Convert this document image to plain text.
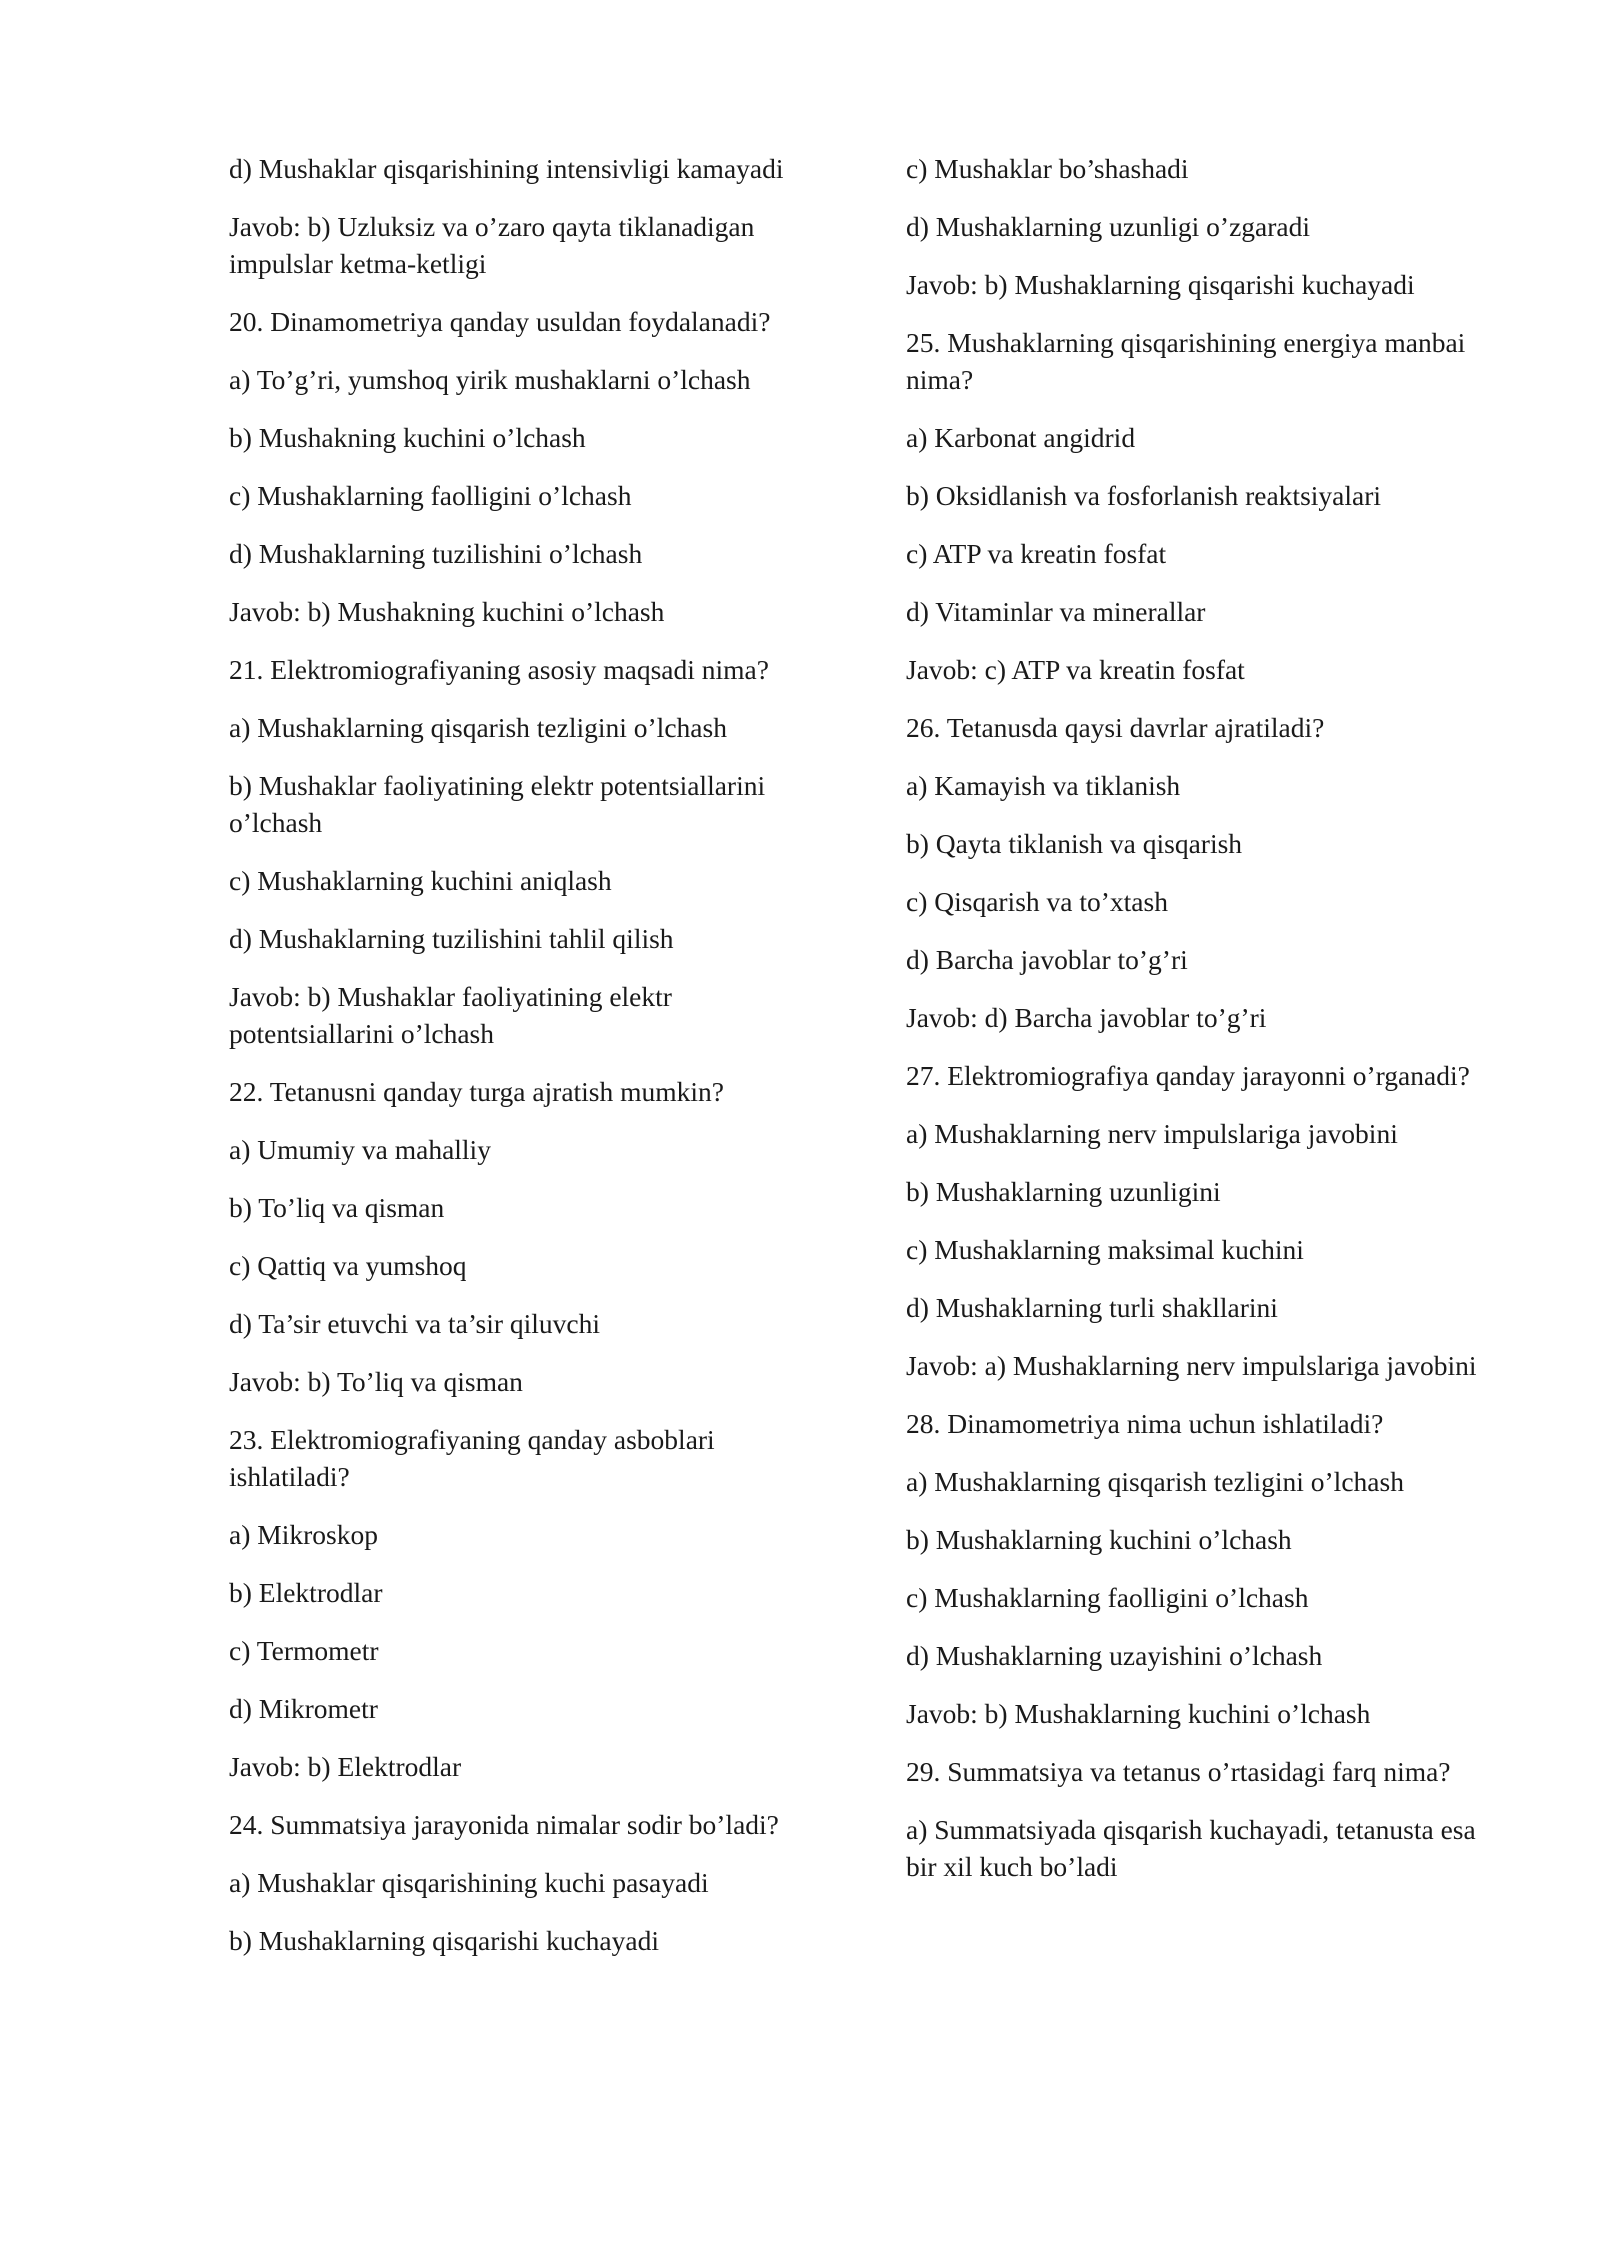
d) Mushaklar qisqarishining intensivligi kamayadi

Javob: b) Uzluksiz va o’zaro qayta tiklanadigan impulslar ketma-ketligi

20. Dinamometriya qanday usuldan foydalanadi?

a) To’g’ri, yumshoq yirik mushaklarni o’lchash

b) Mushakning kuchini o’lchash

c) Mushaklarning faolligini o’lchash

d) Mushaklarning tuzilishini o’lchash

Javob: b) Mushakning kuchini o’lchash

21. Elektromiografiyaning asosiy maqsadi nima?

a) Mushaklarning qisqarish tezligini o’lchash

b) Mushaklar faoliyatining elektr potentsiallarini o’lchash

c) Mushaklarning kuchini aniqlash

d) Mushaklarning tuzilishini tahlil qilish

Javob: b) Mushaklar faoliyatining elektr potentsiallarini o’lchash

22. Tetanusni qanday turga ajratish mumkin?

a) Umumiy va mahalliy

b) To’liq va qisman

c) Qattiq va yumshoq

d) Ta’sir etuvchi va ta’sir qiluvchi

Javob: b) To’liq va qisman

23. Elektromiografiyaning qanday asboblari ishlatiladi?

a) Mikroskop

b) Elektrodlar

c) Termometr

d) Mikrometr

Javob: b) Elektrodlar

24. Summatsiya jarayonida nimalar sodir bo’ladi?

a) Mushaklar qisqarishining kuchi pasayadi

b) Mushaklarning qisqarishi kuchayadi

c) Mushaklar bo’shashadi

d) Mushaklarning uzunligi o’zgaradi

Javob: b) Mushaklarning qisqarishi kuchayadi

25. Mushaklarning qisqarishining energiya manbai nima?

a) Karbonat angidrid

b) Oksidlanish va fosforlanish reaktsiyalari

c) ATP va kreatin fosfat

d) Vitaminlar va minerallar

Javob: c) ATP va kreatin fosfat

26. Tetanusda qaysi davrlar ajratiladi?

a) Kamayish va tiklanish

b) Qayta tiklanish va qisqarish

c) Qisqarish va to’xtash

d) Barcha javoblar to’g’ri

Javob: d) Barcha javoblar to’g’ri

27. Elektromiografiya qanday jarayonni o’rganadi?

a) Mushaklarning nerv impulslariga javobini

b) Mushaklarning uzunligini

c) Mushaklarning maksimal kuchini

d) Mushaklarning turli shakllarini

Javob: a) Mushaklarning nerv impulslariga javobini

28. Dinamometriya nima uchun ishlatiladi?

a) Mushaklarning qisqarish tezligini o’lchash

b) Mushaklarning kuchini o’lchash

c) Mushaklarning faolligini o’lchash

d) Mushaklarning uzayishini o’lchash

Javob: b) Mushaklarning kuchini o’lchash

29. Summatsiya va tetanus o’rtasidagi farq nima?

a) Summatsiyada qisqarish kuchayadi, tetanusta esa bir xil kuch bo’ladi
